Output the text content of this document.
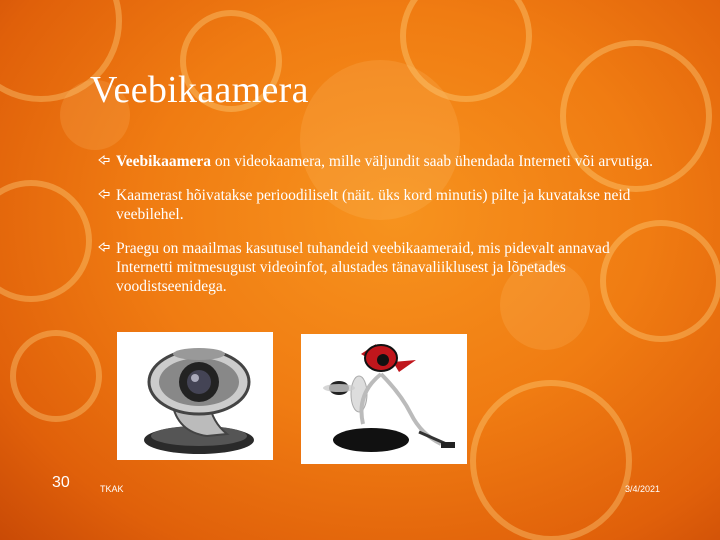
Veebikaamera
Veebikaamera on videokaamera, mille väljundit saab ühendada Interneti või arvutiga.
Kaamerast hõivatakse perioodiliselt (näit. üks kord minutis) pilte ja kuvatakse neid veebilehel.
Praegu on maailmas kasutusel tuhandeid veebikaameraid, mis pidevalt annavad Internetti mitmesugust videoinfot, alustades tänavaliiklusest ja lõpetades voodistseenidega.
30	TKAK	3/4/2021
